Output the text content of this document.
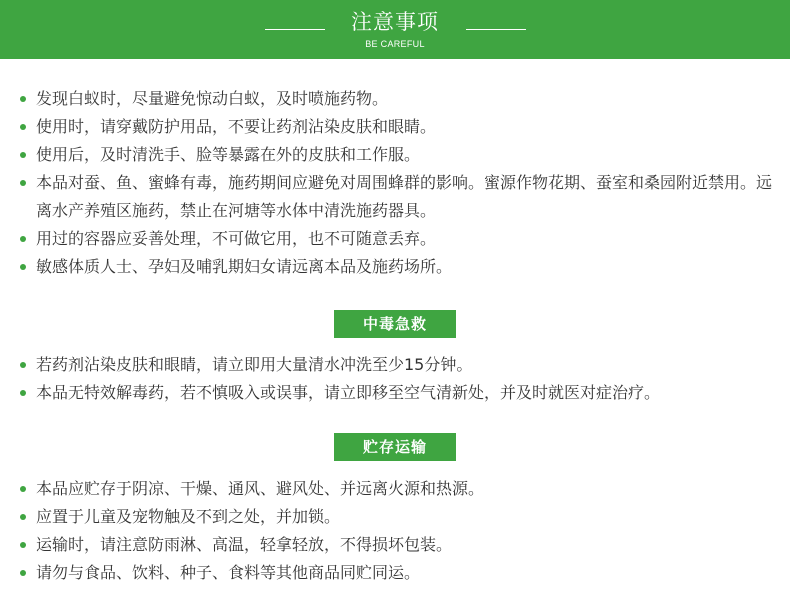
注意事项
BE CAREFUL
发现白蚁时，尽量避免惊动白蚁，及时喷施药物。
使用时，请穿戴防护用品，不要让药剂沾染皮肤和眼睛。
使用后，及时清洗手、脸等暴露在外的皮肤和工作服。
本品对蚕、鱼、蜜蜂有毒，施药期间应避免对周围蜂群的影响。蜜源作物花期、蚕室和桑园附近禁用。远离水产养殖区施药，禁止在河塘等水体中清洗施药器具。
用过的容器应妥善处理，不可做它用，也不可随意丢弃。
敏感体质人士、孕妇及哺乳期妇女请远离本品及施药场所。
中毒急救
若药剂沾染皮肤和眼睛，请立即用大量清水冲洗至少15分钟。
本品无特效解毒药，若不慎吸入或误事，请立即移至空气清新处，并及时就医对症治疗。
贮存运输
本品应贮存于阴凉、干燥、通风、避风处、并远离火源和热源。
应置于儿童及宠物触及不到之处，并加锁。
运输时，请注意防雨淋、高温，轻拿轻放，不得损坏包装。
请勿与食品、饮料、种子、食料等其他商品同贮同运。
